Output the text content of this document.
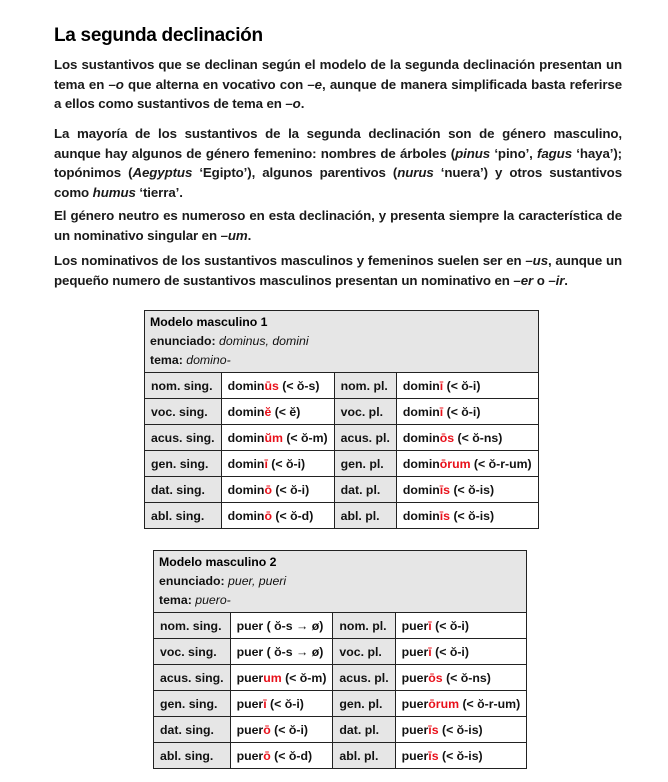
La segunda declinación

Los sustantivos que se declinan según el modelo de la segunda declinación presentan un tema en –o que alterna en vocativo con –e, aunque de manera simplificada basta referirse a ellos como sustantivos de tema en –o.

La mayoría de los sustantivos de la segunda declinación son de género masculino, aunque hay algunos de género femenino: nombres de árboles (pinus ‘pino’, fagus ‘haya’); topónimos (Aegyptus ‘Egipto’), algunos parentivos (nurus ‘nuera’) y otros sustantivos como humus ‘tierra’.

El género neutro es numeroso en esta declinación, y presenta siempre la característica de un nominativo singular en –um.

Los nominativos de los sustantivos masculinos y femeninos suelen ser en –us, aunque un pequeño numero de sustantivos masculinos presentan un nominativo en –er o –ir.

Modelo masculino 1
enunciado: dominus, domini
tema: domino-			

nom. sing.	dominūs (< ŏ-s)	nom. pl.	dominī (< ŏ-i)
voc. sing.	dominĕ (< ĕ)	voc. pl.	dominī (< ŏ-i)
acus. sing.	dominŭm (< ŏ-m)	acus. pl.	dominōs (< ŏ-ns)
gen. sing.	dominī (< ŏ-i)	gen. pl.	dominōrum (< ŏ-r-um)
dat. sing.	dominō (< ŏ-i)	dat. pl.	dominīs (< ŏ-is)
abl. sing.	dominō (< ŏ-d)	abl. pl.	dominīs (< ŏ-is)
Modelo masculino 2
enunciado: puer, pueri
tema: puero-			

nom. sing.	puer ( ŏ-s → ø)	nom. pl.	puerī (< ŏ-i)
voc. sing.	puer ( ŏ-s → ø)	voc. pl.	puerī (< ŏ-i)
acus. sing.	puerum (< ŏ-m)	acus. pl.	puerōs (< ŏ-ns)
gen. sing.	puerī (< ŏ-i)	gen. pl.	puerōrum (< ŏ-r-um)
dat. sing.	puerō (< ŏ-i)	dat. pl.	puerīs (< ŏ-is)
abl. sing.	puerō (< ŏ-d)	abl. pl.	puerīs (< ŏ-is)
